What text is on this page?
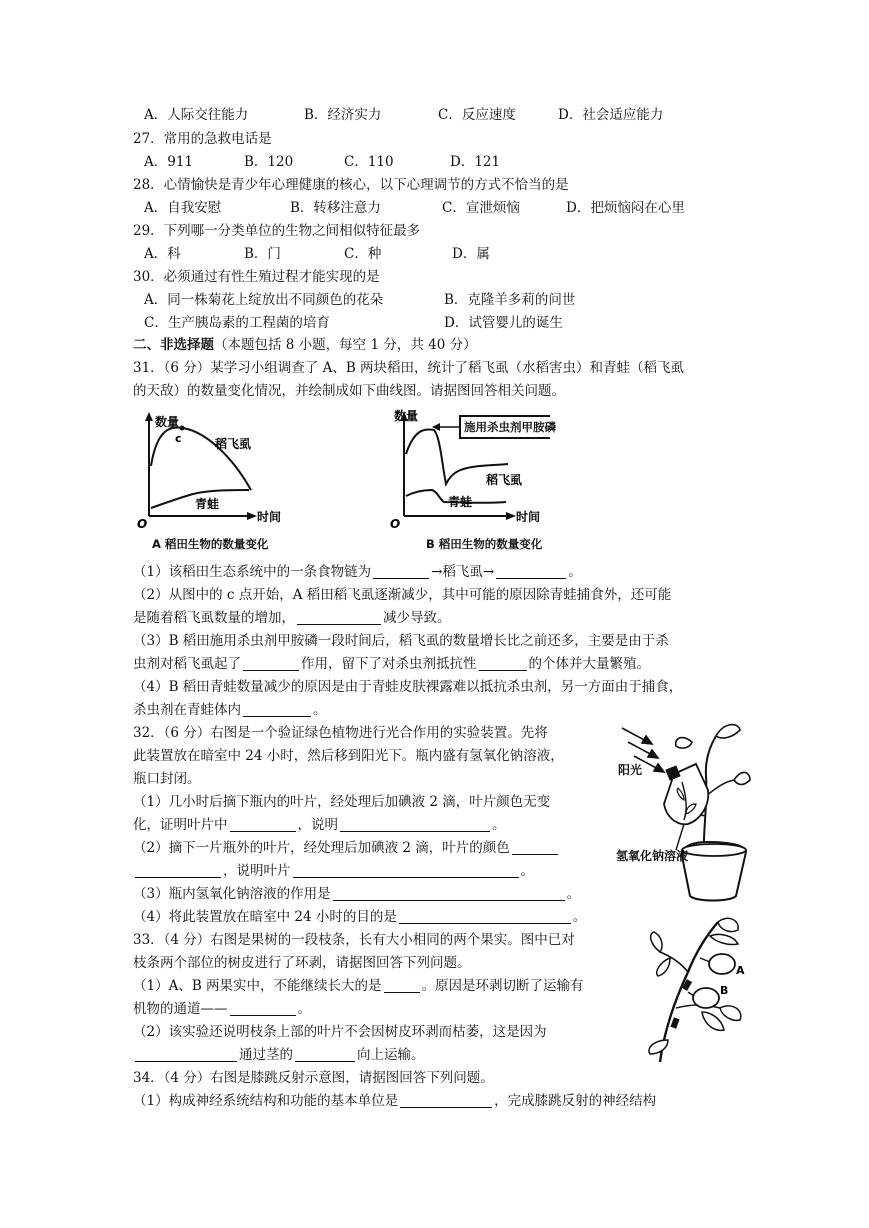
A．人际交往能力	B．经济实力	C．反应速度	D．社会适应能力
27．常用的急救电话是
A．911	B．120	C．110	D．121
28．心情愉快是青少年心理健康的核心，以下心理调节的方式不恰当的是
A．自我安慰	B．转移注意力	C．宣泄烦恼	D．把烦恼闷在心里
29．下列哪一分类单位的生物之间相似特征最多
A．科	B．门	C．种	D．属
30．必须通过有性生殖过程才能实现的是
A．同一株菊花上绽放出不同颜色的花朵	B．克隆羊多莉的问世
C．生产胰岛素的工程菌的培育	D．试管婴儿的诞生
二、非选择题（本题包括 8 小题，每空 1 分，共 40 分）
31．（6 分）某学习小组调查了 A、B 两块稻田，统计了稻飞虱（水稻害虫）和青蛙（稻飞虱
的天敌）的数量变化情况，并绘制成如下曲线图。请据图回答相关问题。
数量
c	稻飞虱
青蛙
时间
O
A 稻田生物的数量变化
数量
稻飞虱
青蛙
时间
O
施用杀虫剂甲胺磷
B 稻田生物的数量变化
（1）该稻田生态系统中的一条食物链为	→稻飞虱→	。
（2）从图中的 c 点开始，A 稻田稻飞虱逐渐减少，其中可能的原因除青蛙捕食外，还可能
是随着稻飞虱数量的增加，	减少导致。
（3）B 稻田施用杀虫剂甲胺磷一段时间后，稻飞虱的数量增长比之前还多，主要是由于杀
虫剂对稻飞虱起了	作用，留下了对杀虫剂抵抗性	的个体并大量繁殖。
（4）B 稻田青蛙数量减少的原因是由于青蛙皮肤裸露难以抵抗杀虫剂，另一方面由于捕食，
杀虫剂在青蛙体内	。
32．（6 分）右图是一个验证绿色植物进行光合作用的实验装置。先将
此装置放在暗室中 24 小时，然后移到阳光下。瓶内盛有氢氧化钠溶液，
瓶口封闭。
（1）几小时后摘下瓶内的叶片，经处理后加碘液 2 滴，叶片颜色无变
化，证明叶片中	，说明	。
（2）摘下一片瓶外的叶片，经处理后加碘液 2 滴，叶片的颜色
，说明叶片	。
（3）瓶内氢氧化钠溶液的作用是	。
（4）将此装置放在暗室中 24 小时的目的是	。
阳光
氢氧化钠溶液
33．（4 分）右图是果树的一段枝条，长有大小相同的两个果实。图中已对
枝条两个部位的树皮进行了环剥，请据图回答下列问题。
（1）A、B 两果实中，不能继续长大的是	。原因是环剥切断了运输有
机物的通道——	。
（2）该实验还说明枝条上部的叶片不会因树皮环剥而枯萎，这是因为
通过茎的	向上运输。
A
B
34．（4 分）右图是膝跳反射示意图，请据图回答下列问题。
（1）构成神经系统结构和功能的基本单位是	，完成膝跳反射的神经结构
